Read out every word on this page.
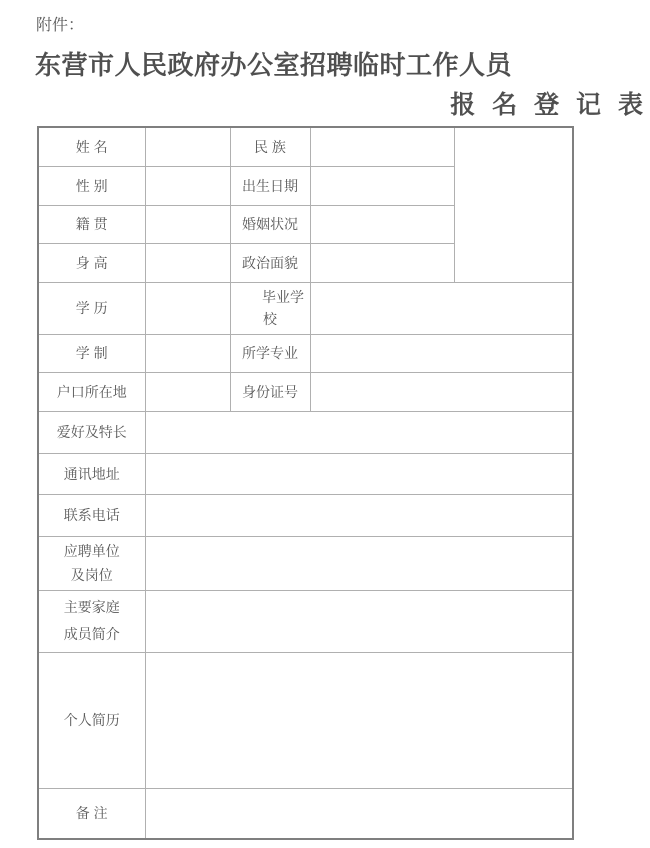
附件：
东营市人民政府办公室招聘临时工作人员
报 名 登 记 表
姓 名		民 族		
性 别		出生日期		
籍 贯		婚姻状况		
身 高		政治面貌		
学 历		毕业学校		
学 制		所学专业		
户口所在地		身份证号		
爱好及特长				
通讯地址				
联系电话				

应聘单位及岗位				

主要家庭成员简介				

个人简历				
备 注				
